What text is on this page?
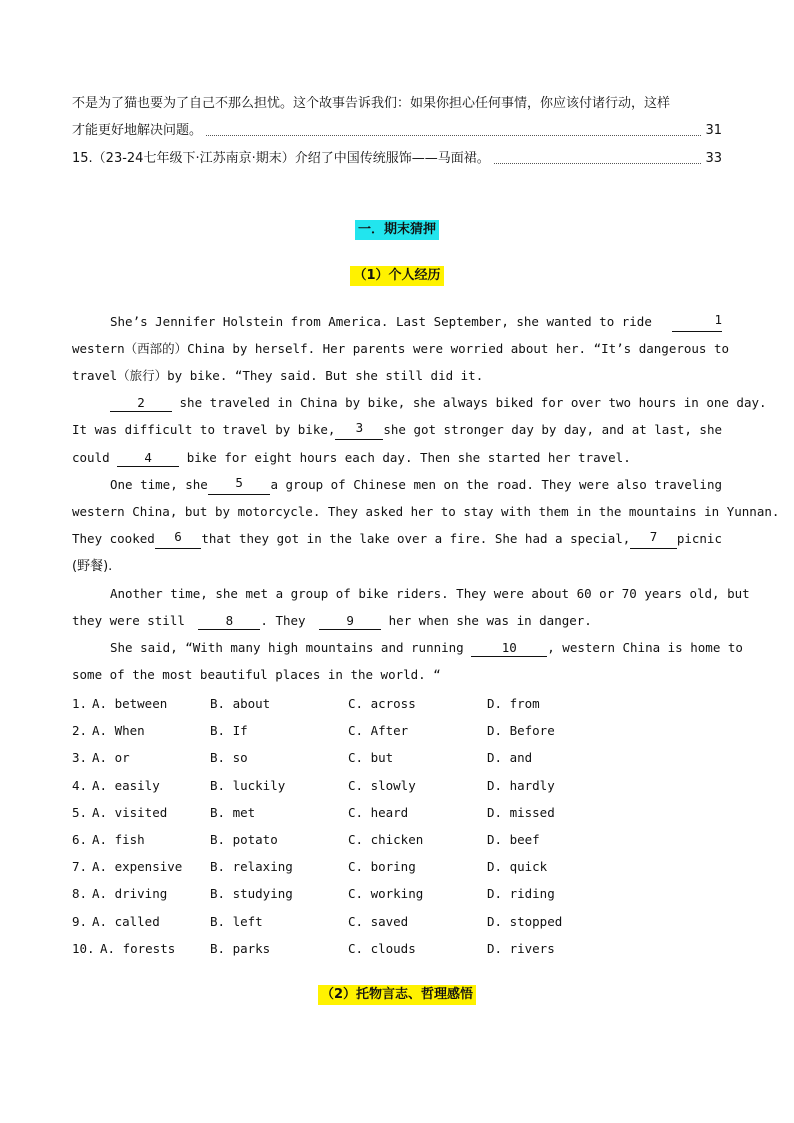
不是为了猫也要为了自己不那么担忧。这个故事告诉我们：如果你担心任何事情，你应该付诸行动，这样
才能更好地解决问题。	31
15.（23-24七年级下·江苏南京·期末）介绍了中国传统服饰——马面裙。	33
一．期末猜押
（1）个人经历
She’s Jennifer Holstein from America. Last September, she wanted to ride	1
western（西部的）China by herself. Her parents were worried about her. “It’s dangerous to
travel（旅行）by bike. “They said. But she still did it.
2	she traveled in China by bike, she always biked for over two hours in one day.
It was difficult to travel by bike,	3	she got stronger day by day, and at last, she
could	4	bike for eight hours each day. Then she started her travel.
One time, she	5	a group of Chinese men on the road. They were also traveling
western China, but by motorcycle. They asked her to stay with them in the mountains in Yunnan.
They cooked	6	that they got in the lake over a fire. She had a special,	7	picnic
(野餐).
Another time, she met a group of bike riders. They were about 60 or 70 years old, but
they were still	8 . They	9	her when she was in danger.
She said, “With many high mountains and running	10 , western China is home to
some of the most beautiful places in the world. “
1. A. between	B. about	C. across	D. from
2. A. When	B. If	C. After	D. Before
3. A. or	B. so	C. but	D. and
4. A. easily	B. luckily	C. slowly	D. hardly
5. A. visited	B. met	C. heard	D. missed
6. A. fish	B. potato	C. chicken	D. beef
7. A. expensive B. relaxing	C. boring	D. quick
8. A. driving	B. studying	C. working	D. riding
9. A. called	B. left	C. saved	D. stopped
10. A. forests	B. parks	C. clouds	D. rivers
（2）托物言志、哲理感悟
